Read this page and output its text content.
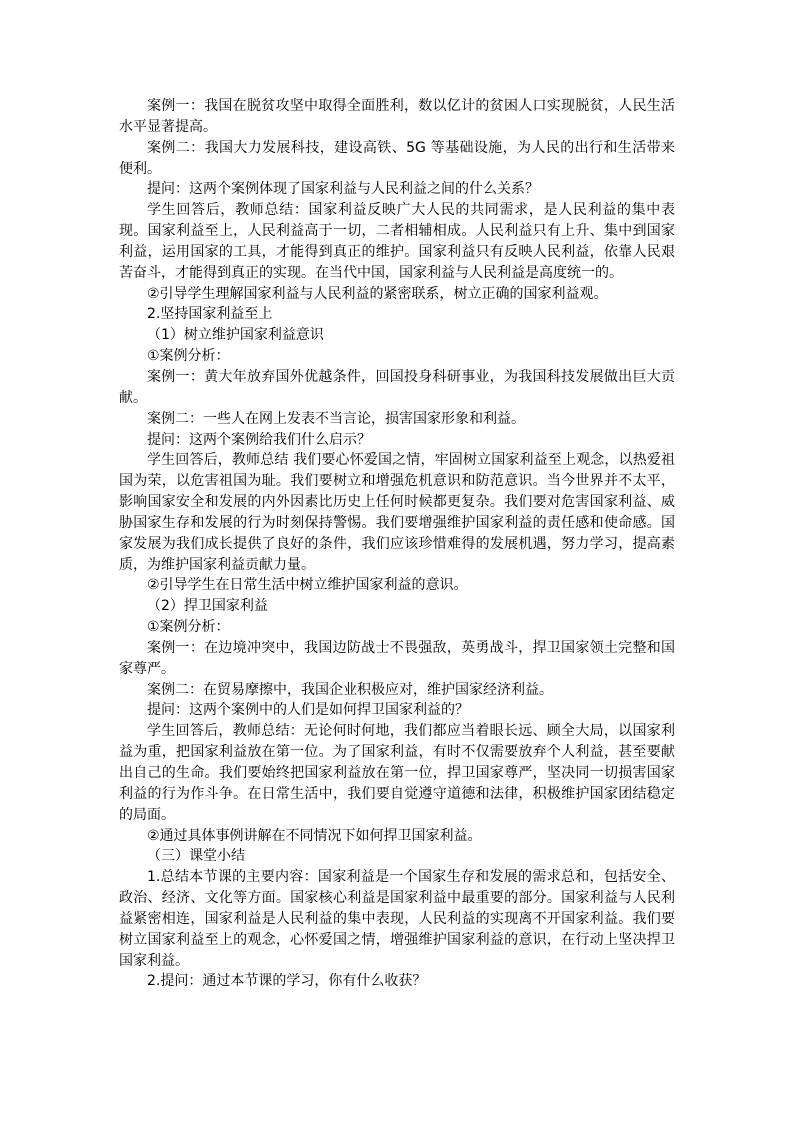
案例一：我国在脱贫攻坚中取得全面胜利，数以亿计的贫困人口实现脱贫，人民生活水平显著提高。

案例二：我国大力发展科技，建设高铁、5G 等基础设施，为人民的出行和生活带来便利。

提问：这两个案例体现了国家利益与人民利益之间的什么关系？

学生回答后，教师总结：国家利益反映广大人民的共同需求，是人民利益的集中表现。国家利益至上，人民利益高于一切，二者相辅相成。人民利益只有上升、集中到国家利益，运用国家的工具，才能得到真正的维护。国家利益只有反映人民利益，依靠人民艰苦奋斗，才能得到真正的实现。在当代中国，国家利益与人民利益是高度统一的。

②引导学生理解国家利益与人民利益的紧密联系，树立正确的国家利益观。

2.坚持国家利益至上

（1）树立维护国家利益意识

①案例分析：

案例一：黄大年放弃国外优越条件，回国投身科研事业，为我国科技发展做出巨大贡献。

案例二：一些人在网上发表不当言论，损害国家形象和利益。

提问：这两个案例给我们什么启示？

学生回答后，教师总结 我们要心怀爱国之情，牢固树立国家利益至上观念，以热爱祖国为荣，以危害祖国为耻。我们要树立和增强危机意识和防范意识。当今世界并不太平，影响国家安全和发展的内外因素比历史上任何时候都更复杂。我们要对危害国家利益、威胁国家生存和发展的行为时刻保持警惕。我们要增强维护国家利益的责任感和使命感。国家发展为我们成长提供了良好的条件，我们应该珍惜难得的发展机遇，努力学习，提高素质，为维护国家利益贡献力量。

②引导学生在日常生活中树立维护国家利益的意识。

（2）捍卫国家利益

①案例分析：

案例一：在边境冲突中，我国边防战士不畏强敌，英勇战斗，捍卫国家领土完整和国家尊严。

案例二：在贸易摩擦中，我国企业积极应对，维护国家经济利益。

提问：这两个案例中的人们是如何捍卫国家利益的？

学生回答后，教师总结：无论何时何地，我们都应当着眼长远、顾全大局，以国家利益为重，把国家利益放在第一位。为了国家利益，有时不仅需要放弃个人利益，甚至要献出自己的生命。我们要始终把国家利益放在第一位，捍卫国家尊严，坚决同一切损害国家利益的行为作斗争。在日常生活中，我们要自觉遵守道德和法律，积极维护国家团结稳定的局面。

②通过具体事例讲解在不同情况下如何捍卫国家利益。

（三）课堂小结

1.总结本节课的主要内容：国家利益是一个国家生存和发展的需求总和，包括安全、政治、经济、文化等方面。国家核心利益是国家利益中最重要的部分。国家利益与人民利益紧密相连，国家利益是人民利益的集中表现，人民利益的实现离不开国家利益。我们要树立国家利益至上的观念，心怀爱国之情，增强维护国家利益的意识，在行动上坚决捍卫国家利益。

2.提问：通过本节课的学习，你有什么收获？
